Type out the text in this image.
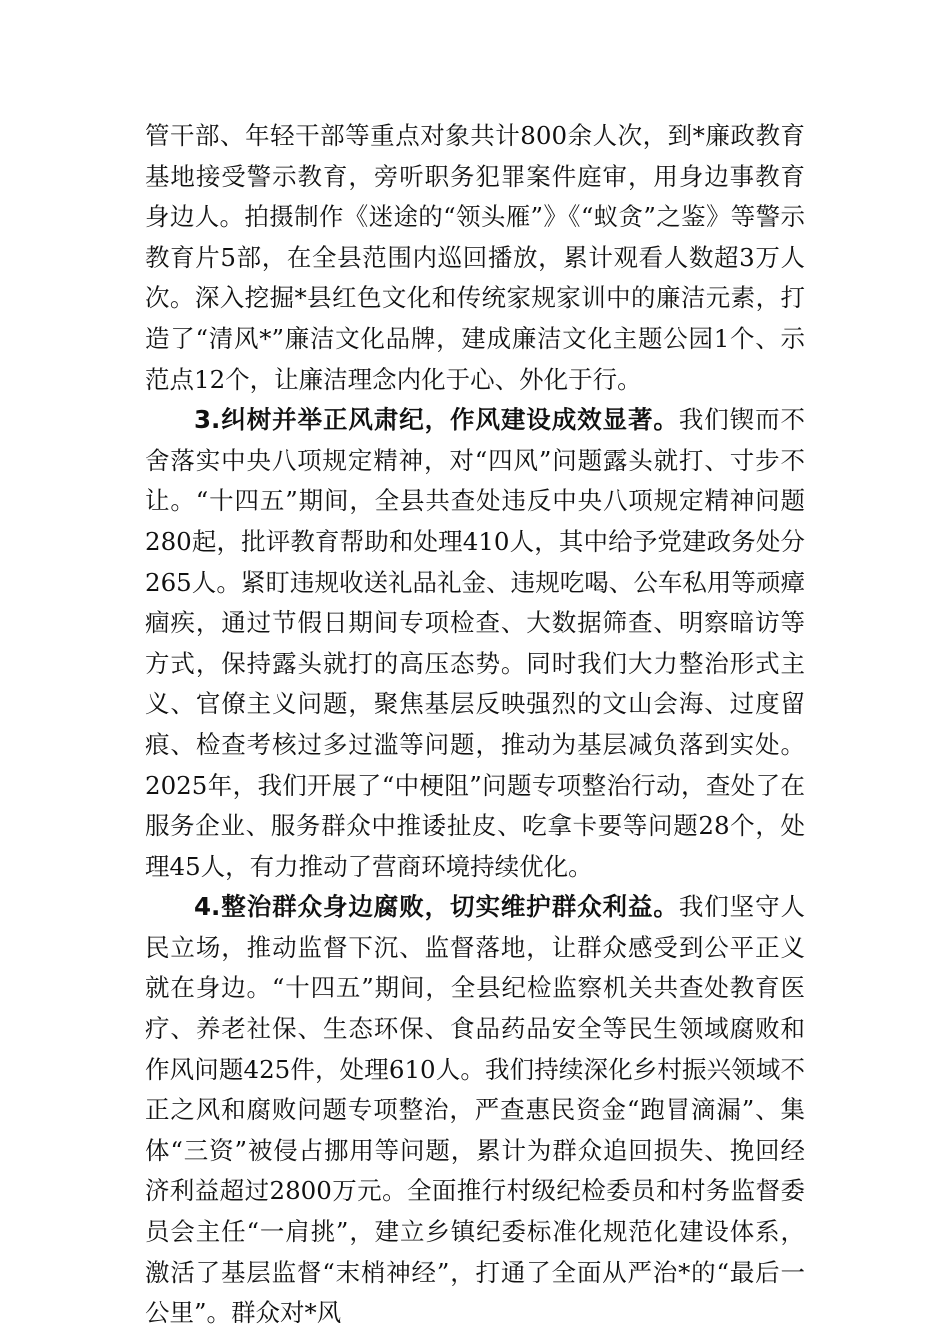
管干部、年轻干部等重点对象共计800余人次，到*廉政教育基地接受警示教育，旁听职务犯罪案件庭审，用身边事教育身边人。拍摄制作《迷途的“领头雁”》《“蚁贪”之鉴》等警示教育片5部，在全县范围内巡回播放，累计观看人数超3万人次。深入挖掘*县红色文化和传统家规家训中的廉洁元素，打造了“清风*”廉洁文化品牌，建成廉洁文化主题公园1个、示范点12个，让廉洁理念内化于心、外化于行。

3.纠树并举正风肃纪，作风建设成效显著。我们锲而不舍落实中央八项规定精神，对“四风”问题露头就打、寸步不让。“十四五”期间，全县共查处违反中央八项规定精神问题280起，批评教育帮助和处理410人，其中给予党建政务处分265人。紧盯违规收送礼品礼金、违规吃喝、公车私用等顽瘴痼疾，通过节假日期间专项检查、大数据筛查、明察暗访等方式，保持露头就打的高压态势。同时我们大力整治形式主义、官僚主义问题，聚焦基层反映强烈的文山会海、过度留痕、检查考核过多过滥等问题，推动为基层减负落到实处。2025年，我们开展了“中梗阻”问题专项整治行动，查处了在服务企业、服务群众中推诿扯皮、吃拿卡要等问题28个，处理45人，有力推动了营商环境持续优化。

4.整治群众身边腐败，切实维护群众利益。我们坚守人民立场，推动监督下沉、监督落地，让群众感受到公平正义就在身边。“十四五”期间，全县纪检监察机关共查处教育医疗、养老社保、生态环保、食品药品安全等民生领域腐败和作风问题425件，处理610人。我们持续深化乡村振兴领域不正之风和腐败问题专项整治，严查惠民资金“跑冒滴漏”、集体“三资”被侵占挪用等问题，累计为群众追回损失、挽回经济利益超过2800万元。全面推行村级纪检委员和村务监督委员会主任“一肩挑”，建立乡镇纪委标准化规范化建设体系，激活了基层监督“末梢神经”，打通了全面从严治*的“最后一公里”。群众对*风
